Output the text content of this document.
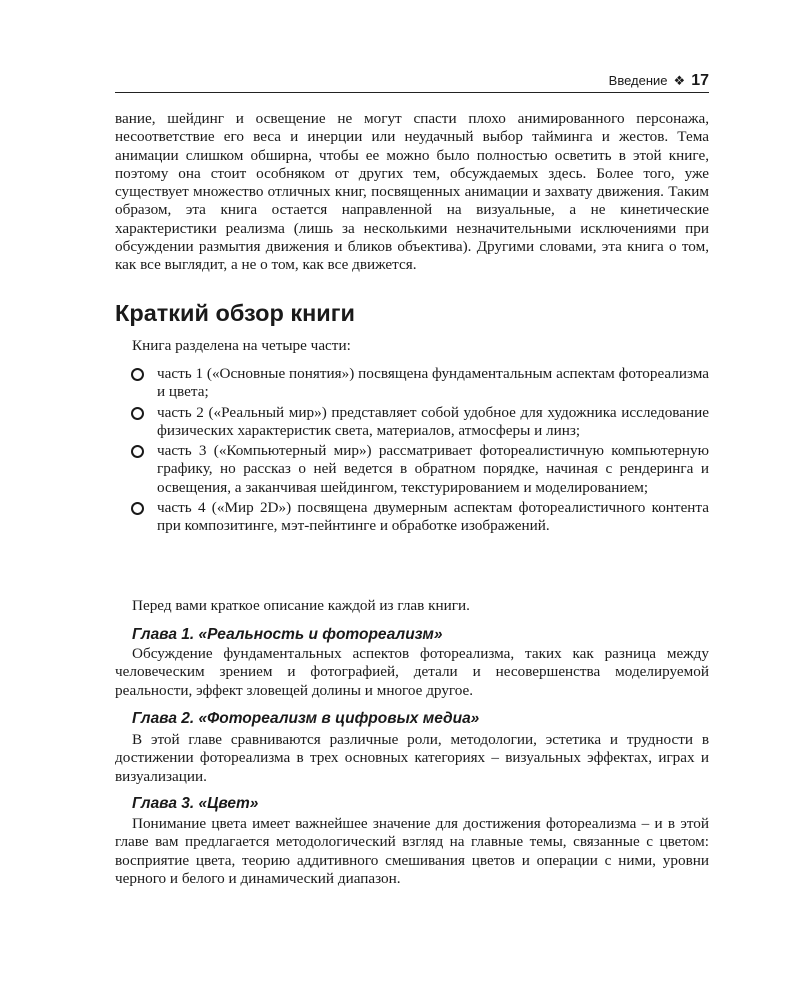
Введение ❖ 17

вание, шейдинг и освещение не могут спасти плохо анимированного персонажа, несоответствие его веса и инерции или неудачный выбор тайминга и жестов. Тема анимации слишком обширна, чтобы ее можно было полностью осветить в этой книге, поэтому она стоит особняком от других тем, обсуждаемых здесь. Более того, уже существует множество отличных книг, посвященных анимации и захвату движения. Таким образом, эта книга остается направленной на визуальные, а не кинетические характеристики реализма (лишь за несколькими незначительными исключениями при обсуждении размытия движения и бликов объектива). Другими словами, эта книга о том, как все выглядит, а не о том, как все движется.

Краткий обзор книги

Книга разделена на четыре части:

часть 1 («Основные понятия») посвящена фундаментальным аспектам фотореализма и цвета;

часть 2 («Реальный мир») представляет собой удобное для художника исследование физических характеристик света, материалов, атмосферы и линз;

часть 3 («Компьютерный мир») рассматривает фотореалистичную компьютерную графику, но рассказ о ней ведется в обратном порядке, начиная с рендеринга и освещения, а заканчивая шейдингом, текстурированием и моделированием;

часть 4 («Мир 2D») посвящена двумерным аспектам фотореалистичного контента при композитинге, мэт-пейнтинге и обработке изображений.

Перед вами краткое описание каждой из глав книги.

Глава 1. «Реальность и фотореализм»

Обсуждение фундаментальных аспектов фотореализма, таких как разница между человеческим зрением и фотографией, детали и несовершенства моделируемой реальности, эффект зловещей долины и многое другое.

Глава 2. «Фотореализм в цифровых медиа»

В этой главе сравниваются различные роли, методологии, эстетика и трудности в достижении фотореализма в трех основных категориях – визуальных эффектах, играх и визуализации.

Глава 3. «Цвет»

Понимание цвета имеет важнейшее значение для достижения фотореализма – и в этой главе вам предлагается методологический взгляд на главные темы, связанные с цветом: восприятие цвета, теорию аддитивного смешивания цветов и операции с ними, уровни черного и белого и динамический диапазон.
